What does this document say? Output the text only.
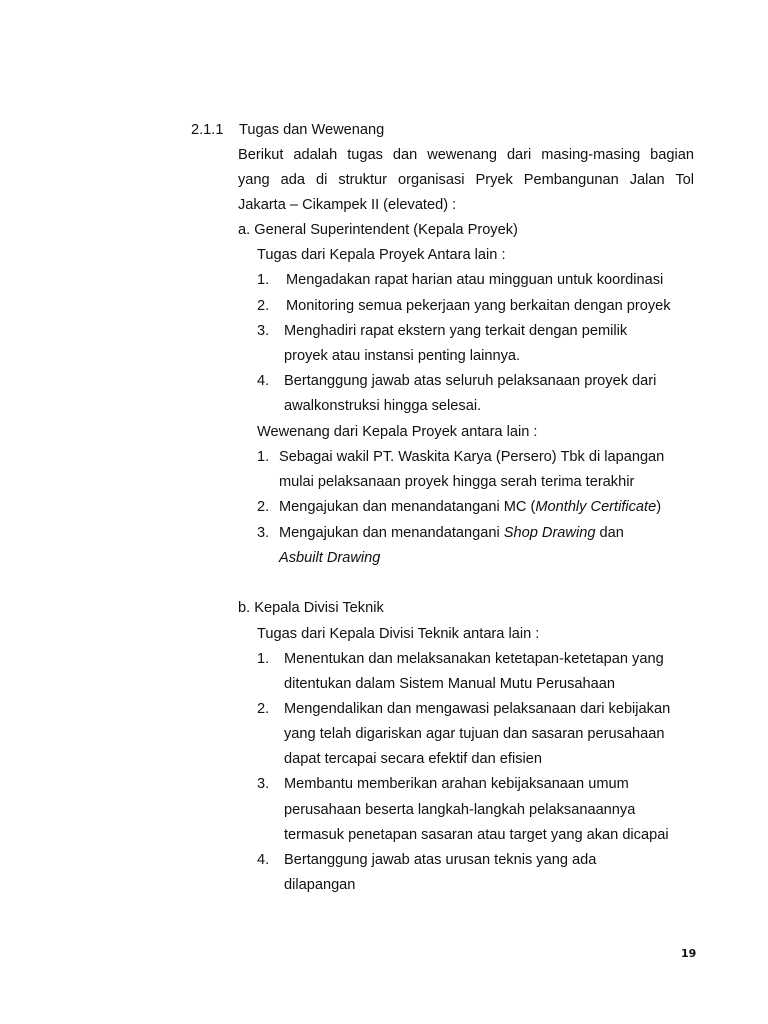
2.1.1 Tugas dan Wewenang
Berikut adalah tugas dan wewenang dari masing-masing bagian
yang ada di struktur organisasi Pryek Pembangunan Jalan Tol
Jakarta – Cikampek II (elevated) :
a. General Superintendent (Kepala Proyek)
Tugas dari Kepala Proyek Antara lain :
1. Mengadakan rapat harian atau mingguan untuk koordinasi
2. Monitoring semua pekerjaan yang berkaitan dengan proyek
3. Menghadiri rapat ekstern yang terkait dengan pemilik
proyek atau instansi penting lainnya.
4. Bertanggung jawab atas seluruh pelaksanaan proyek dari
awalkonstruksi hingga selesai.
Wewenang dari Kepala Proyek antara lain :
1. Sebagai wakil PT. Waskita Karya (Persero) Tbk di lapangan
mulai pelaksanaan proyek hingga serah terima terakhir
2. Mengajukan dan menandatangani MC (Monthly Certificate)
3. Mengajukan dan menandatangani Shop Drawing dan
Asbuilt Drawing
b. Kepala Divisi Teknik
Tugas dari Kepala Divisi Teknik antara lain :
1. Menentukan dan melaksanakan ketetapan-ketetapan yang
ditentukan dalam Sistem Manual Mutu Perusahaan
2. Mengendalikan dan mengawasi pelaksanaan dari kebijakan
yang telah digariskan agar tujuan dan sasaran perusahaan
dapat tercapai secara efektif dan efisien
3. Membantu memberikan arahan kebijaksanaan umum
perusahaan beserta langkah-langkah pelaksanaannya
termasuk penetapan sasaran atau target yang akan dicapai
4. Bertanggung jawab atas urusan teknis yang ada
dilapangan
19
